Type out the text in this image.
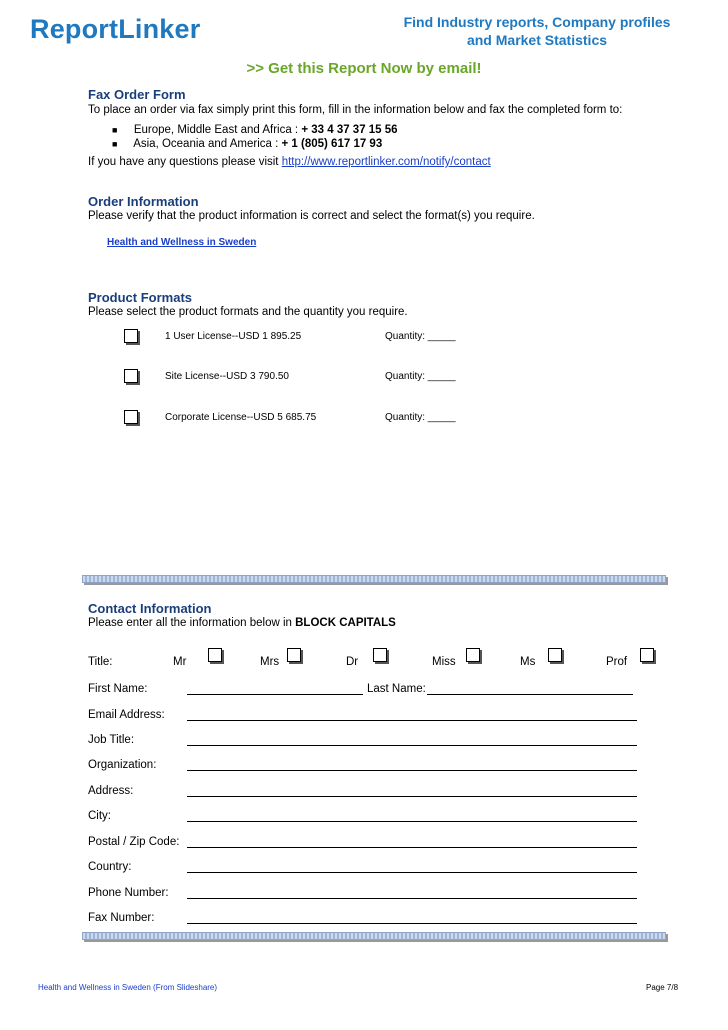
ReportLinker	Find Industry reports, Company profiles
and Market Statistics
>> Get this Report Now by email!
Fax Order Form
To place an order via fax simply print this form, fill in the information below and fax the completed form to:
■ Europe, Middle East and Africa : + 33 4 37 37 15 56
■ Asia, Oceania and America : + 1 (805) 617 17 93
If you have any questions please visit http://www.reportlinker.com/notify/contact
Order Information
Please verify that the product information is correct and select the format(s) you require.
Health and Wellness in Sweden
Product Formats
Please select the product formats and the quantity you require.
1 User License--USD 1 895.25	Quantity: _____
Site License--USD 3 790.50	Quantity: _____
Corporate License--USD 5 685.75	Quantity: _____
Contact Information
Please enter all the information below in BLOCK CAPITALS
Title:	Mr	Mrs	Dr	Miss	Ms	Prof
First Name:	Last Name:
Email Address:
Job Title:
Organization:
Address:
City:
Postal / Zip Code:
Country:
Phone Number:
Fax Number:
Health and Wellness in Sweden (From Slideshare)	Page 7/8
